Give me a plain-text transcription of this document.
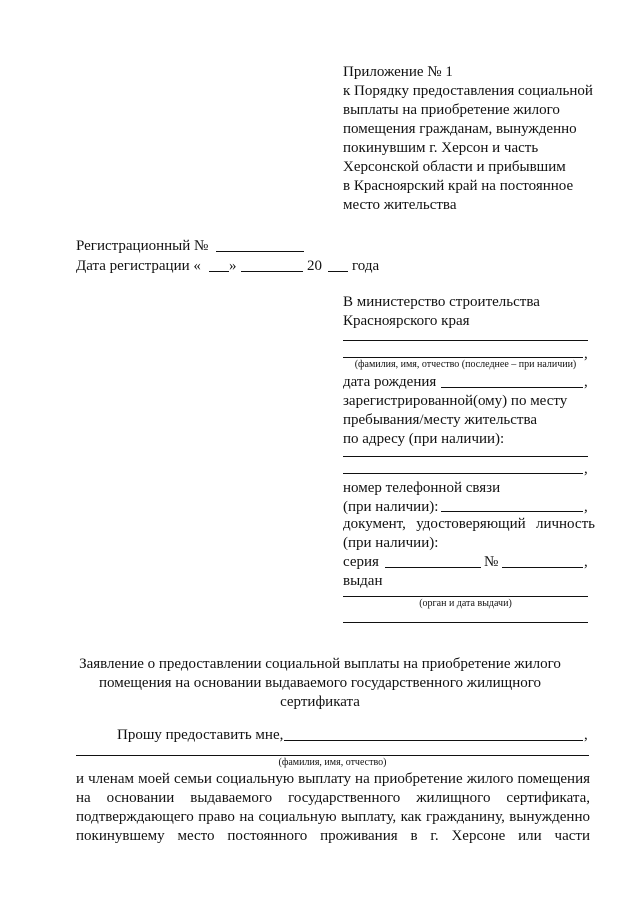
Приложение № 1
к Порядку предоставления социальной
выплаты на приобретение жилого
помещения гражданам, вынужденно
покинувшим г. Херсон и часть
Херсонской области и прибывшим
в Красноярский край на постоянное
место жительства
Регистрационный №
Дата регистрации « »	20 года
В министерство строительства
Красноярского края
,
(фамилия, имя, отчество (последнее – при наличии)
дата рождения	,
зарегистрированной(ому) по месту
пребывания/месту жительства
по адресу (при наличии):
,
номер телефонной связи
(при наличии):	,
документ, удостоверяющий личность
(при наличии):
серия	№	,
выдан
(орган и дата выдачи)
Заявление о предоставлении социальной выплаты на приобретение жилого
помещения на основании выдаваемого государственного жилищного
сертификата
Прошу предоставить мне,	,
(фамилия, имя, отчество)
и членам моей семьи социальную выплату на приобретение жилого помещения
на основании выдаваемого государственного жилищного сертификата,
подтверждающего право на социальную выплату, как гражданину, вынужденно
покинувшему место постоянного проживания в г. Херсоне или части
